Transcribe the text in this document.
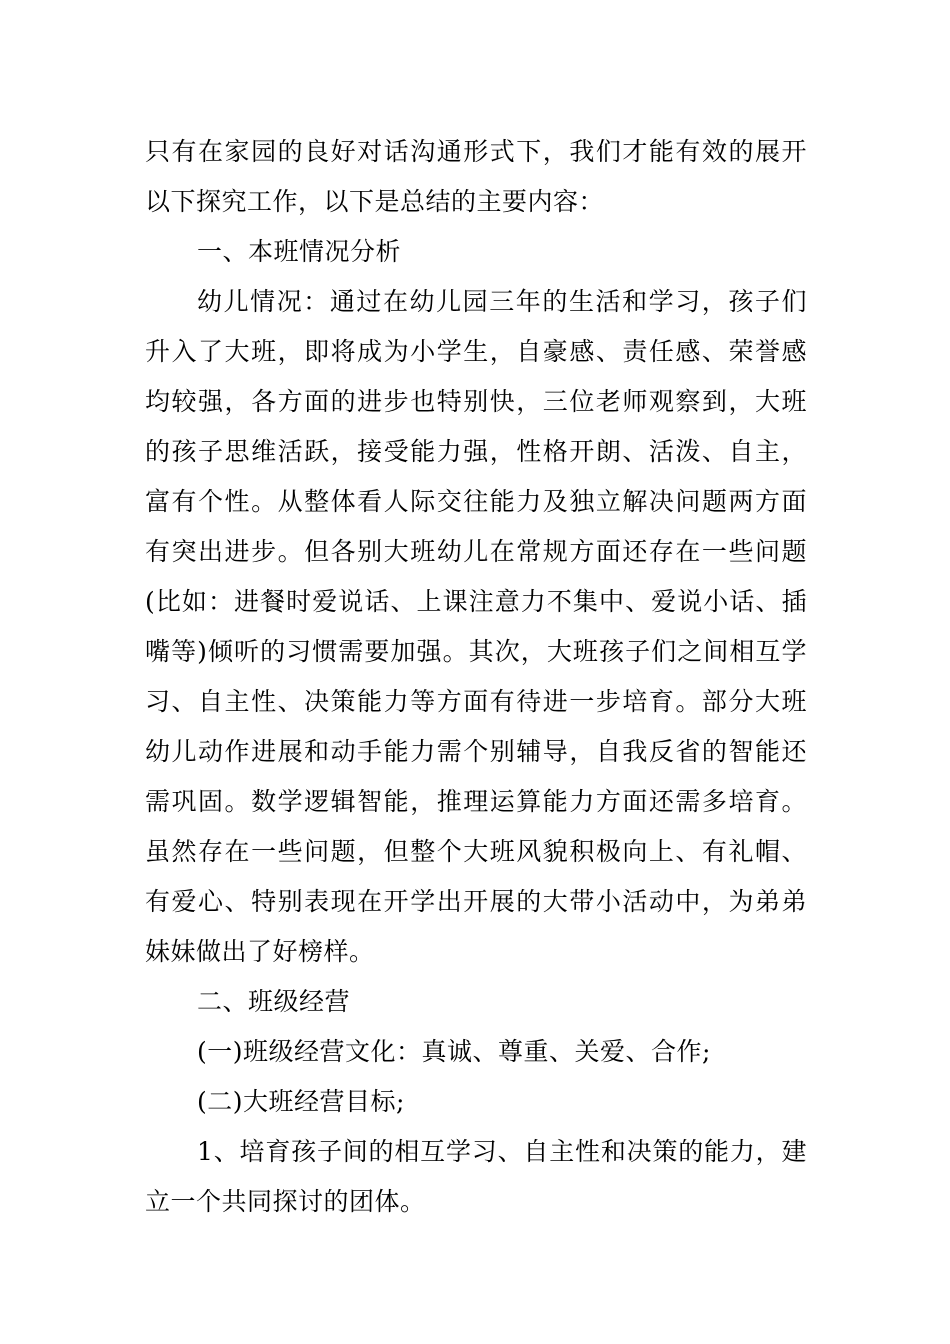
只有在家园的良好对话沟通形式下，我们才能有效的展开以下探究工作，以下是总结的主要内容：

一、本班情况分析

幼儿情况：通过在幼儿园三年的生活和学习，孩子们升入了大班，即将成为小学生，自豪感、责任感、荣誉感均较强，各方面的进步也特别快，三位老师观察到，大班的孩子思维活跃，接受能力强，性格开朗、活泼、自主，富有个性。从整体看人际交往能力及独立解决问题两方面有突出进步。但各别大班幼儿在常规方面还存在一些问题(比如：进餐时爱说话、上课注意力不集中、爱说小话、插嘴等)倾听的习惯需要加强。其次，大班孩子们之间相互学习、自主性、决策能力等方面有待进一步培育。部分大班幼儿动作进展和动手能力需个别辅导，自我反省的智能还需巩固。数学逻辑智能，推理运算能力方面还需多培育。虽然存在一些问题，但整个大班风貌积极向上、有礼帽、有爱心、特别表现在开学出开展的大带小活动中，为弟弟妹妹做出了好榜样。

二、班级经营

(一)班级经营文化：真诚、尊重、关爱、合作;

(二)大班经营目标;

1、培育孩子间的相互学习、自主性和决策的能力，建立一个共同探讨的团体。
